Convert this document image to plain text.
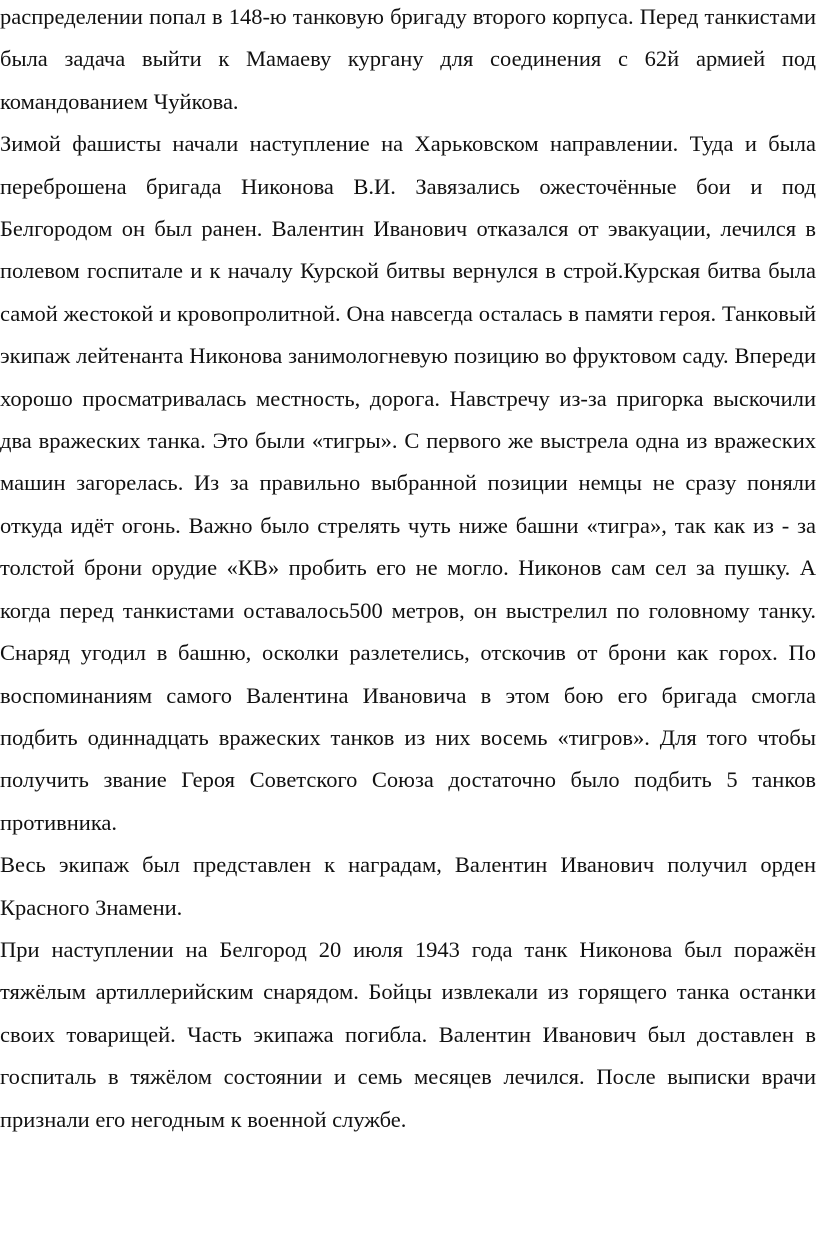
распределении попал в 148-ю танковую бригаду второго корпуса. Перед танкистами была задача выйти к Мамаеву кургану для соединения с 62й армией под командованием Чуйкова.

Зимой фашисты начали наступление на Харьковском направлении. Туда и была переброшена бригада Никонова В.И. Завязались ожесточённые бои и под Белгородом он был ранен. Валентин Иванович отказался от эвакуации, лечился в полевом госпитале и к началу Курской битвы вернулся в строй.Курская битва была самой жестокой и кровопролитной. Она навсегда осталась в памяти героя. Танковый экипаж лейтенанта Никонова занимологневую позицию во фруктовом саду. Впереди хорошо просматривалась местность, дорога. Навстречу из-за пригорка выскочили два вражеских танка. Это были «тигры». С первого же выстрела одна из вражеских машин загорелась. Из за правильно выбранной позиции немцы не сразу поняли откуда идёт огонь. Важно было стрелять чуть ниже башни «тигра», так как из - за толстой брони орудие «КВ» пробить его не могло. Никонов сам сел за пушку. А когда перед танкистами оставалось500 метров, он выстрелил по головному танку. Снаряд угодил в башню, осколки разлетелись, отскочив от брони как горох. По воспоминаниям самого Валентина Ивановича в этом бою его бригада смогла подбить одиннадцать вражеских танков из них восемь «тигров». Для того чтобы получить звание Героя Советского Союза достаточно было подбить 5 танков противника.

Весь экипаж был представлен к наградам, Валентин Иванович получил орден Красного Знамени.

При наступлении на Белгород 20 июля 1943 года танк Никонова был поражён тяжёлым артиллерийским снарядом. Бойцы извлекали из горящего танка останки своих товарищей. Часть экипажа погибла. Валентин Иванович был доставлен в госпиталь в тяжёлом состоянии и семь месяцев лечился. После выписки врачи признали его негодным к военной службе.
